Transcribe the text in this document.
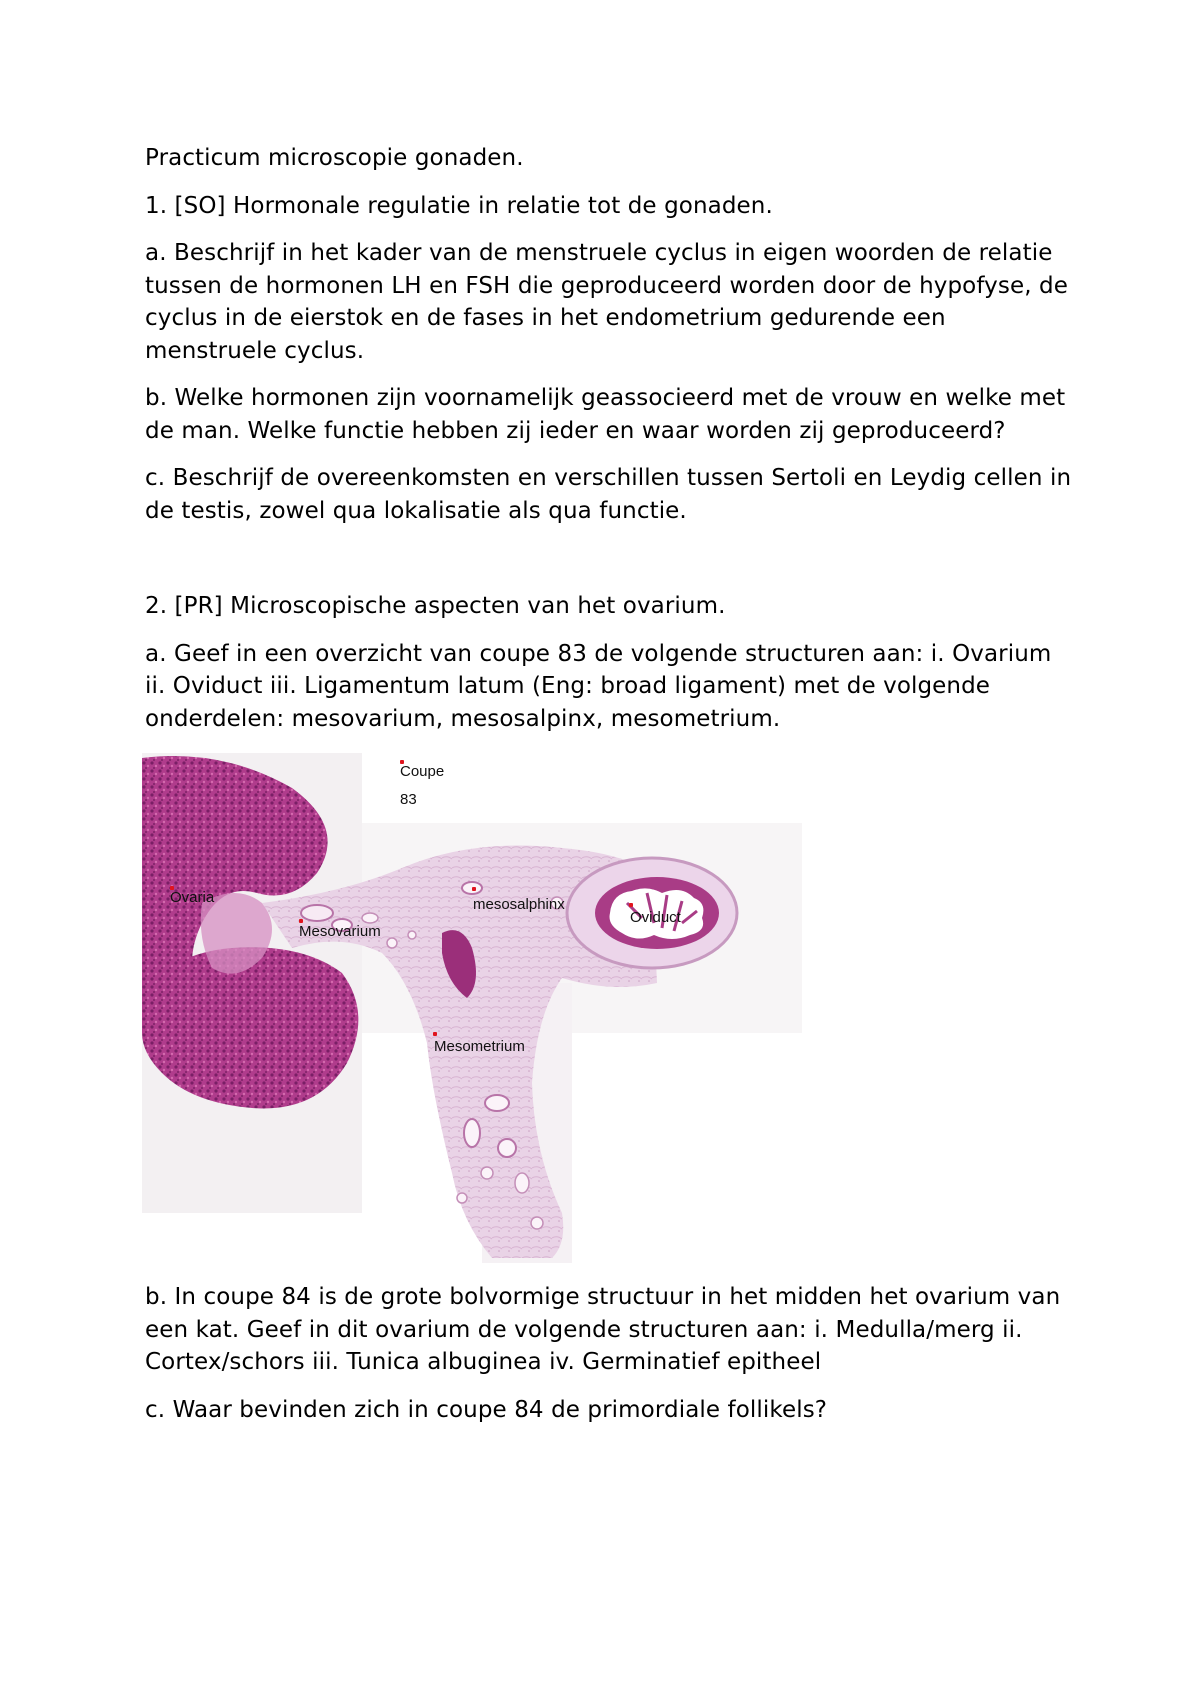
Practicum microscopie gonaden.

1. [SO] Hormonale regulatie in relatie tot de gonaden.

a. Beschrijf in het kader van de menstruele cyclus in eigen woorden de relatie tussen de hormonen LH en FSH die geproduceerd worden door de hypofyse, de cyclus in de eierstok en de fases in het endometrium gedurende een menstruele cyclus.

b. Welke hormonen zijn voornamelijk geassocieerd met de vrouw en welke met de man. Welke functie hebben zij ieder en waar worden zij geproduceerd?

c. Beschrijf de overeenkomsten en verschillen tussen Sertoli en Leydig cellen in de testis, zowel qua lokalisatie als qua functie.

2. [PR] Microscopische aspecten van het ovarium.

a. Geef in een overzicht van coupe 83 de volgende structuren aan: i. Ovarium ii. Oviduct iii. Ligamentum latum (Eng: broad ligament) met de volgende onderdelen: mesovarium, mesosalpinx, mesometrium.

Coupe
83
Ovaria
Mesovarium
mesosalphinx
Oviduct
Mesometrium

b. In coupe 84 is de grote bolvormige structuur in het midden het ovarium van een kat. Geef in dit ovarium de volgende structuren aan: i. Medulla/merg ii. Cortex/schors iii. Tunica albuginea iv. Germinatief epitheel

c. Waar bevinden zich in coupe 84 de primordiale follikels?
